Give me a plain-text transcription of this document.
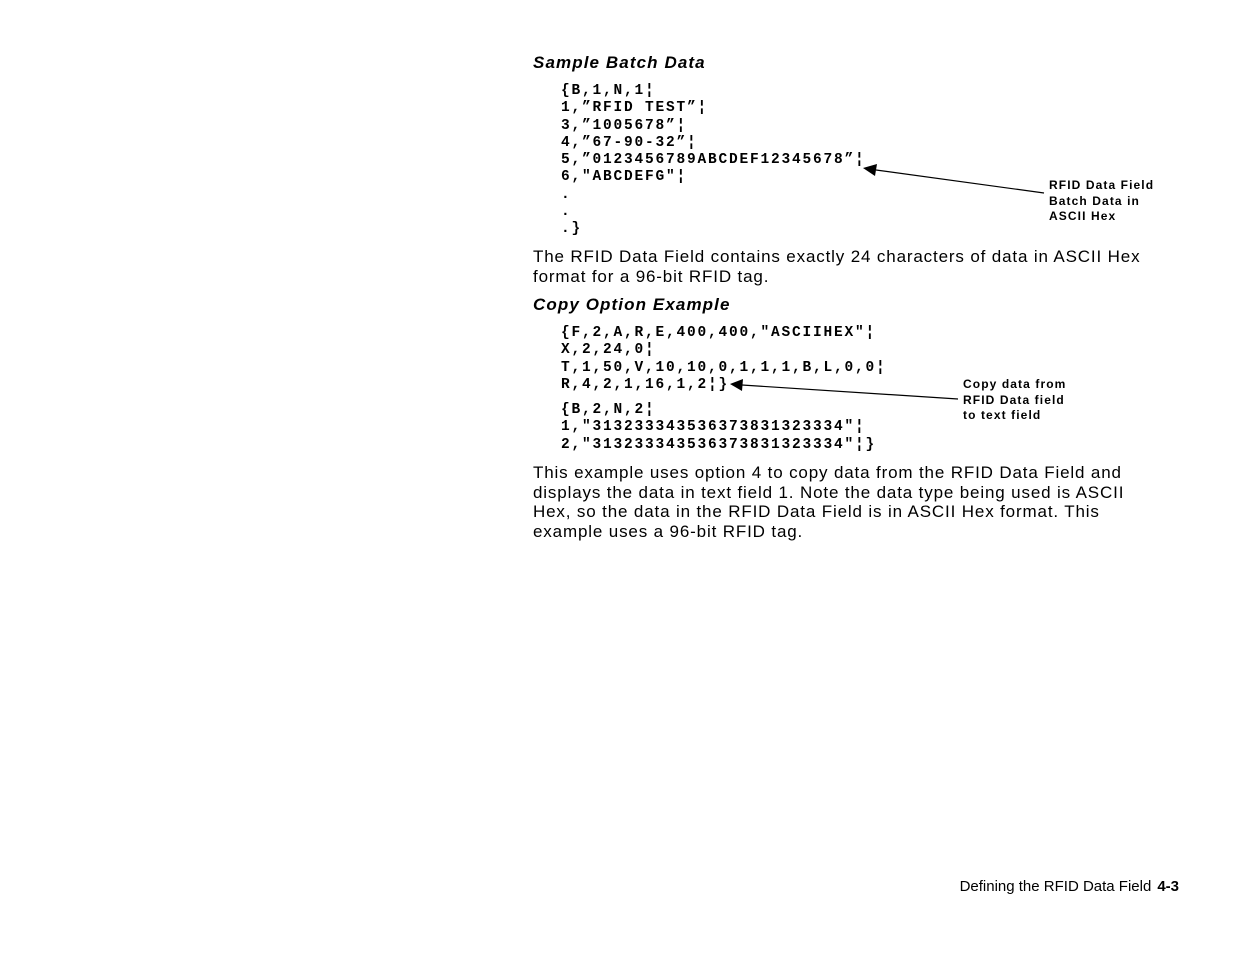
Sample Batch Data
{B,1,N,1¦
1,”RFID TEST”¦
3,”1005678”¦
4,”67-90-32”¦
5,”0123456789ABCDEF12345678”¦
6,"ABCDEFG"¦
.
.
.}
RFID Data Field
Batch Data in
ASCII Hex
The RFID Data Field contains exactly 24 characters of data in ASCII Hex
format for a 96-bit RFID tag.
Copy Option Example
{F,2,A,R,E,400,400,"ASCIIHEX"¦
X,2,24,0¦
T,1,50,V,10,10,0,1,1,1,B,L,0,0¦
R,4,2,1,16,1,2¦}
{B,2,N,2¦
1,"313233343536373831323334"¦
2,"313233343536373831323334"¦}
Copy data from
RFID Data field
to text field
This example uses option 4 to copy data from the RFID Data Field and
displays the data in text field 1. Note the data type being used is ASCII
Hex, so the data in the RFID Data Field is in ASCII Hex format. This
example uses a 96-bit RFID tag.
Defining the RFID Data Field 4-3
